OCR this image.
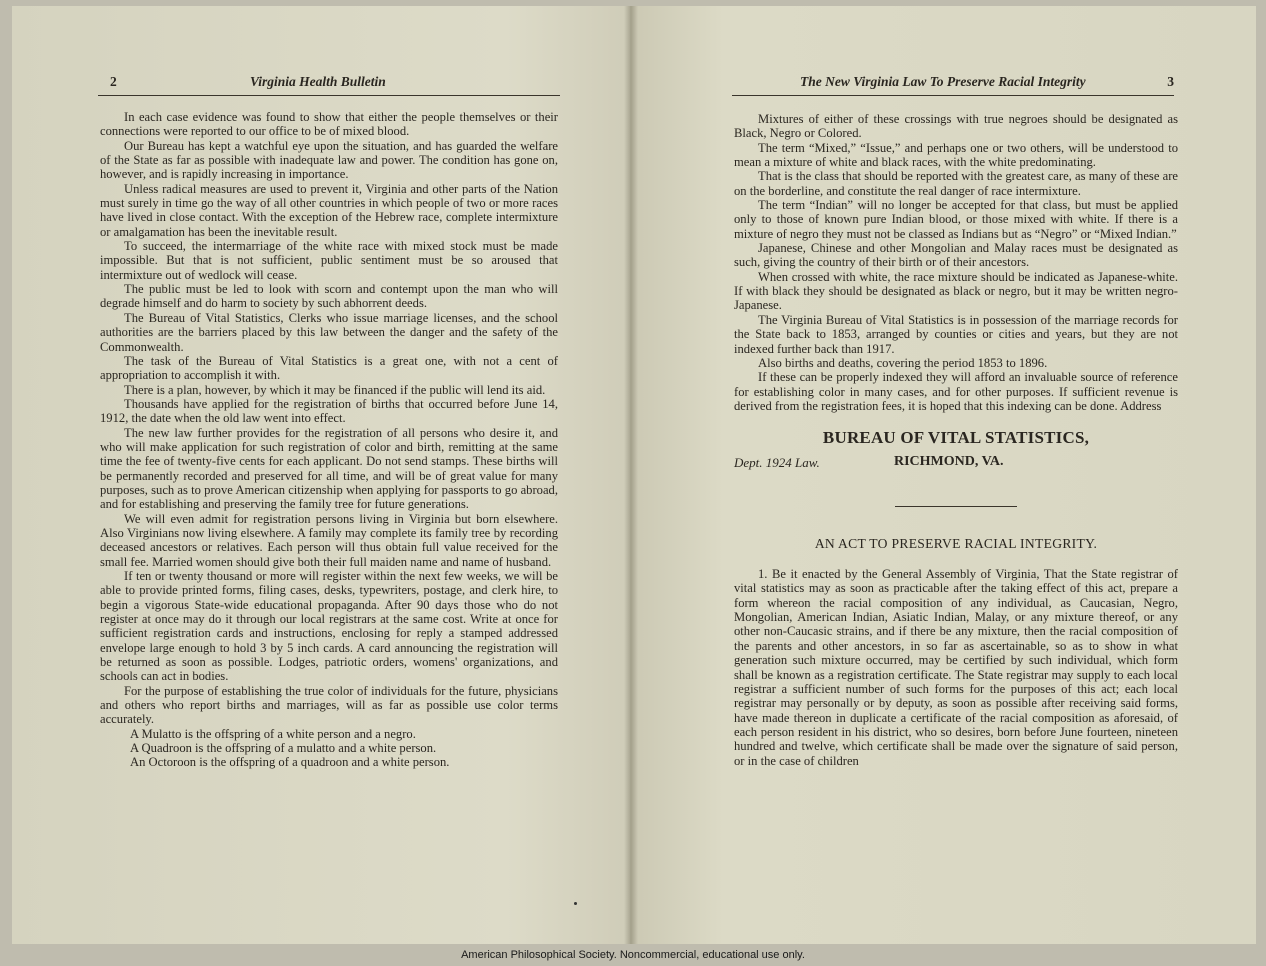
2	Virginia Health Bulletin

In each case evidence was found to show that either the people themselves or their connections were reported to our office to be of mixed blood.

Our Bureau has kept a watchful eye upon the situation, and has guarded the welfare of the State as far as possible with inadequate law and power. The condition has gone on, however, and is rapidly increasing in importance.

Unless radical measures are used to prevent it, Virginia and other parts of the Nation must surely in time go the way of all other countries in which people of two or more races have lived in close contact. With the exception of the Hebrew race, complete intermixture or amalgamation has been the inevitable result.

To succeed, the intermarriage of the white race with mixed stock must be made impossible. But that is not sufficient, public sentiment must be so aroused that intermixture out of wedlock will cease.

The public must be led to look with scorn and contempt upon the man who will degrade himself and do harm to society by such abhorrent deeds.

The Bureau of Vital Statistics, Clerks who issue marriage licenses, and the school authorities are the barriers placed by this law between the danger and the safety of the Commonwealth.

The task of the Bureau of Vital Statistics is a great one, with not a cent of appropriation to accomplish it with.

There is a plan, however, by which it may be financed if the public will lend its aid.

Thousands have applied for the registration of births that occurred before June 14, 1912, the date when the old law went into effect.

The new law further provides for the registration of all persons who desire it, and who will make application for such registration of color and birth, remitting at the same time the fee of twenty-five cents for each applicant. Do not send stamps. These births will be permanently recorded and preserved for all time, and will be of great value for many purposes, such as to prove American citizenship when applying for passports to go abroad, and for establishing and preserving the family tree for future generations.

We will even admit for registration persons living in Virginia but born elsewhere. Also Virginians now living elsewhere. A family may complete its family tree by recording deceased ancestors or relatives. Each person will thus obtain full value received for the small fee. Married women should give both their full maiden name and name of husband.

If ten or twenty thousand or more will register within the next few weeks, we will be able to provide printed forms, filing cases, desks, typewriters, postage, and clerk hire, to begin a vigorous State-wide educational propaganda. After 90 days those who do not register at once may do it through our local registrars at the same cost. Write at once for sufficient registration cards and instructions, enclosing for reply a stamped addressed envelope large enough to hold 3 by 5 inch cards. A card announcing the registration will be returned as soon as possible. Lodges, patriotic orders, womens' organizations, and schools can act in bodies.

For the purpose of establishing the true color of individuals for the future, physicians and others who report births and marriages, will as far as possible use color terms accurately.

A Mulatto is the offspring of a white person and a negro.

A Quadroon is the offspring of a mulatto and a white person.

An Octoroon is the offspring of a quadroon and a white person.

The New Virginia Law To Preserve Racial Integrity	3

Mixtures of either of these crossings with true negroes should be designated as Black, Negro or Colored.

The term “Mixed,” “Issue,” and perhaps one or two others, will be understood to mean a mixture of white and black races, with the white predominating.

That is the class that should be reported with the greatest care, as many of these are on the borderline, and constitute the real danger of race intermixture.

The term “Indian” will no longer be accepted for that class, but must be applied only to those of known pure Indian blood, or those mixed with white. If there is a mixture of negro they must not be classed as Indians but as “Negro” or “Mixed Indian.”

Japanese, Chinese and other Mongolian and Malay races must be designated as such, giving the country of their birth or of their ancestors.

When crossed with white, the race mixture should be indicated as Japanese-white. If with black they should be designated as black or negro, but it may be written negro-Japanese.

The Virginia Bureau of Vital Statistics is in possession of the marriage records for the State back to 1853, arranged by counties or cities and years, but they are not indexed further back than 1917.

Also births and deaths, covering the period 1853 to 1896.

If these can be properly indexed they will afford an invaluable source of reference for establishing color in many cases, and for other purposes. If sufficient revenue is derived from the registration fees, it is hoped that this indexing can be done. Address

BUREAU OF VITAL STATISTICS,
Dept. 1924 Law.	RICHMOND, VA.
AN ACT TO PRESERVE RACIAL INTEGRITY.

1. Be it enacted by the General Assembly of Virginia, That the State registrar of vital statistics may as soon as practicable after the taking effect of this act, prepare a form whereon the racial composition of any individual, as Caucasian, Negro, Mongolian, American Indian, Asiatic Indian, Malay, or any mixture thereof, or any other non-Caucasic strains, and if there be any mixture, then the racial composition of the parents and other ancestors, in so far as ascertainable, so as to show in what generation such mixture occurred, may be certified by such individual, which form shall be known as a registration certificate. The State registrar may supply to each local registrar a sufficient number of such forms for the purposes of this act; each local registrar may personally or by deputy, as soon as possible after receiving said forms, have made thereon in duplicate a certificate of the racial composition as aforesaid, of each person resident in his district, who so desires, born before June fourteen, nineteen hundred and twelve, which certificate shall be made over the signature of said person, or in the case of children

American Philosophical Society. Noncommercial, educational use only.
